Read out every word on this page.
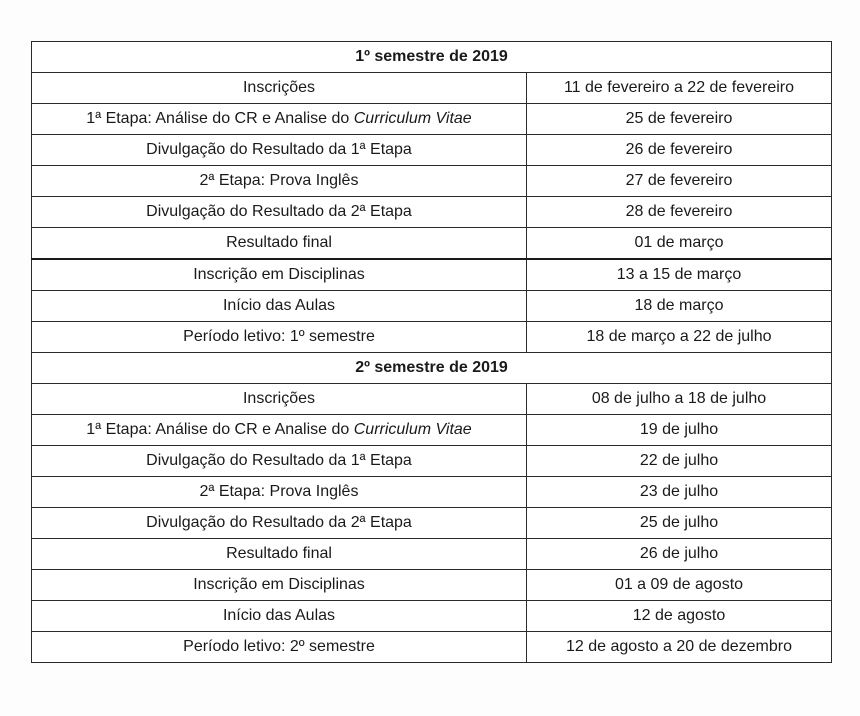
1º semestre de 2019	
Inscrições	11 de fevereiro a 22 de fevereiro
1ª Etapa: Análise do CR e Analise do Curriculum Vitae	25 de fevereiro
Divulgação do Resultado da 1ª Etapa	26 de fevereiro
2ª Etapa: Prova Inglês	27 de fevereiro
Divulgação do Resultado da 2ª Etapa	28 de fevereiro
Resultado final	01 de março
Inscrição em Disciplinas	13 a 15 de março
Início das Aulas	18 de março
Período letivo: 1º semestre	18 de março a 22 de julho
2º semestre de 2019	
Inscrições	08 de julho a 18 de julho
1ª Etapa: Análise do CR e Analise do Curriculum Vitae	19 de julho
Divulgação do Resultado da 1ª Etapa	22 de julho
2ª Etapa: Prova Inglês	23 de julho
Divulgação do Resultado da 2ª Etapa	25 de julho
Resultado final	26 de julho
Inscrição em Disciplinas	01 a 09 de agosto
Início das Aulas	12 de agosto
Período letivo: 2º semestre	12 de agosto a 20 de dezembro
